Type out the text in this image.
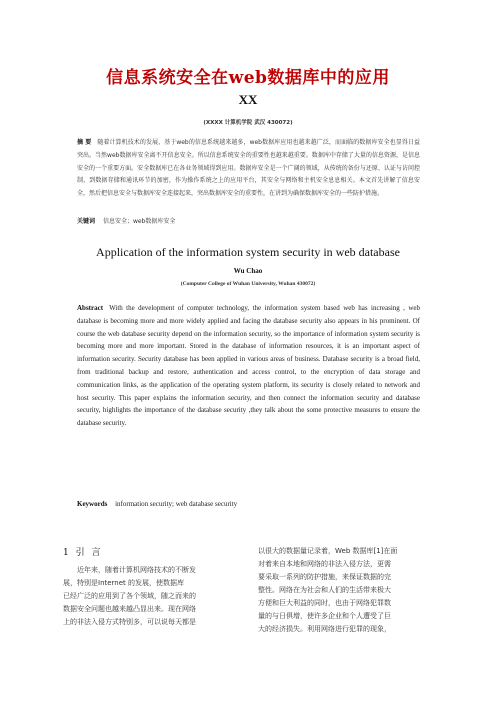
信息系统安全在web数据库中的应用
XX
(XXXX 计算机学院 武汉 430072)
摘 要 随着计算机技术的发展，基于web的信息系统越来越多，web数据库应用也越来越广泛，而面临的数据库安全也显得日益突出。当然web数据库安全离不开信息安全。所以信息系统安全的重要性也越来越重要。数据库中存储了大量的信息资源，是信息安全的一个重要方面。安全数据库已在各业务领域得到应用。数据库安全是一个广阔的领域，从传统的备份与还原、认证与访问控制，到数据存储和通讯环节的加密，作为操作系统之上的应用平台，其安全与网络和主机安全息息相关。本文首先讲解了信息安全，然后把信息安全与数据库安全连接起来，突出数据库安全的重要性，在讲到为确保数据库安全的一些防护措施。
关键词 信息安全；web数据库安全
Application of the information system security in web database
Wu Chao
(Computer College of Wuhan University, Wuhan 430072)
Abstract With the development of computer technology, the information system based web has increasing , web database is becoming more and more widely applied and facing the database security also appears in his prominent. Of course the web database security depend on the information security, so the importance of information system security is becoming more and more important. Stored in the database of information resources, it is an important aspect of information security. Security database has been applied in various areas of business. Database security is a broad field, from traditional backup and restore, authentication and access control, to the encryption of data storage and communication links, as the application of the operating system platform, its security is closely related to network and host security. This paper explains the information security, and then connect the information security and database security, highlights the importance of the database security ,they talk about the some protective measures to ensure the database security.
Keywords information security; web database security
1 引 言
近年来，随着计算机网络技术的不断发
展，特别是Internet 的发展，使数据库
已经广泛的应用到了各个领域，随之而来的
数据安全问题也越来越凸显出来。现在网络
上的非法入侵方式特别多，可以说每天都是
以很大的数据量记录着，Web 数据库[1]在面
对着来自本地和网络的非法入侵方法，更需
要采取一系列的防护措施，来保证数据的完
整性。网络在为社会和人们的生活带来极大
方便和巨大利益的同时，也由于网络犯罪数
量的与日俱增，使许多企业和个人遭受了巨
大的经济损失。利用网络进行犯罪的现象，
